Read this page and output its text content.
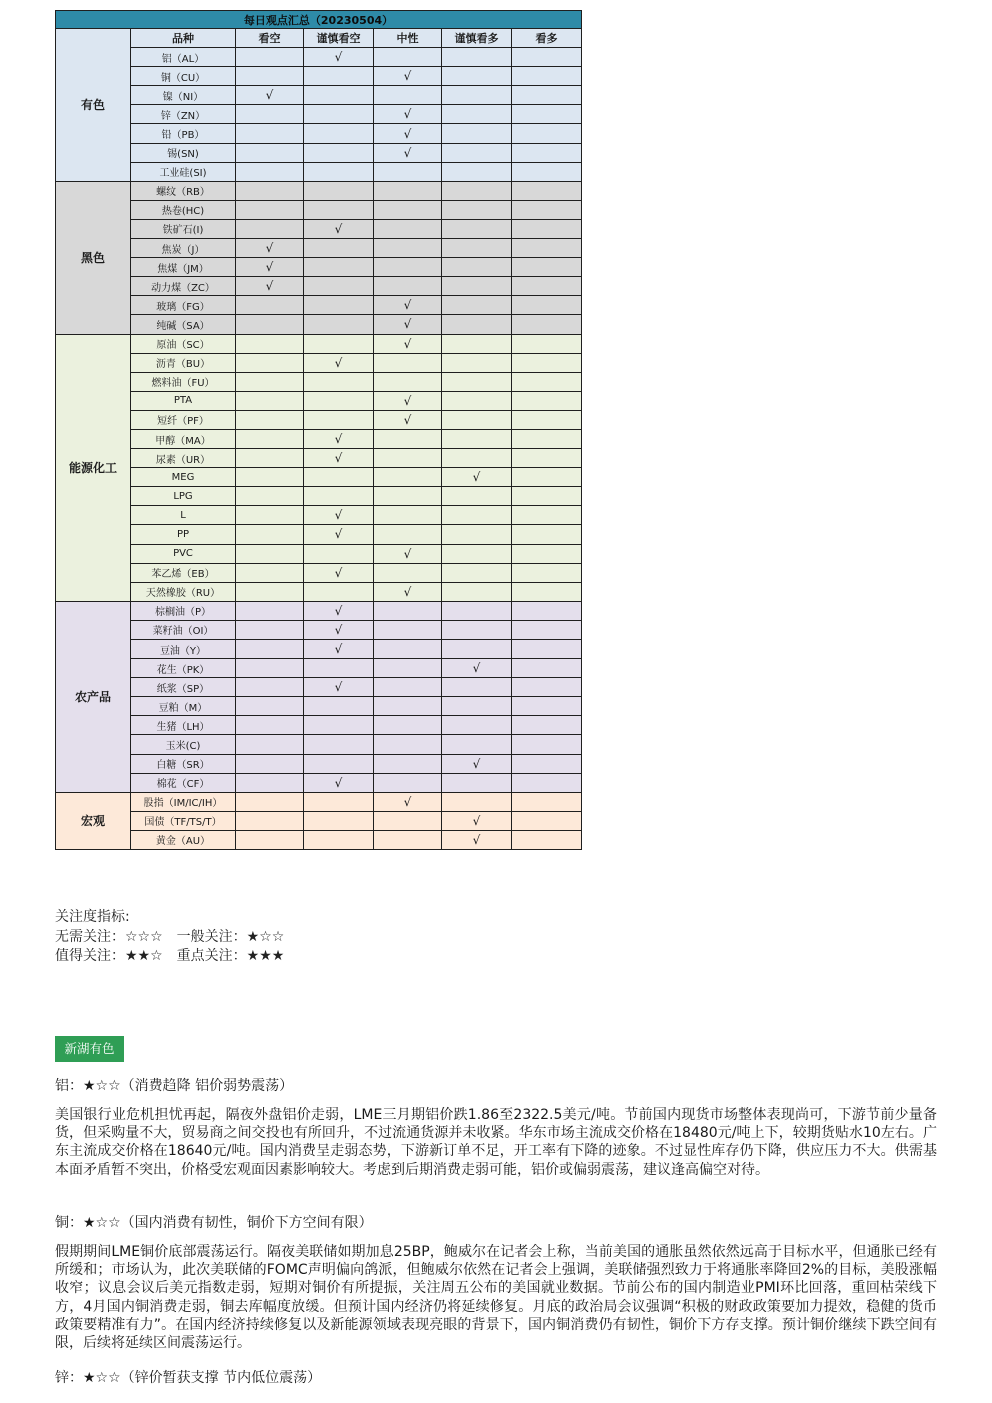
每日观点汇总（20230504）						
有色	品种	看空	谨慎看空	中性	谨慎看多	看多
	铝（AL）		√			
	铜（CU）			√		
	镍（NI）	√				
	锌（ZN）			√		
	铅（PB）			√		
	锡(SN)			√		
	工业硅(SI)					
黑色	螺纹（RB）					
	热卷(HC)					
	铁矿石(I)		√			
	焦炭（J）	√				
	焦煤（JM）	√				
	动力煤（ZC）	√				
	玻璃（FG）			√		
	纯碱（SA）			√		
能源化工	原油（SC）			√		
	沥青（BU）		√			
	燃料油（FU）					
	PTA			√		
	短纤（PF）			√		
	甲醇（MA）		√			
	尿素（UR）		√			
	MEG				√	
	LPG					
	L		√			
	PP		√			
	PVC			√		
	苯乙烯（EB）		√			
	天然橡胶（RU）			√		
农产品	棕榈油（P）		√			
	菜籽油（OI）		√			
	豆油（Y）		√			
	花生（PK）				√	
	纸浆（SP）		√			
	豆粕（M）					
	生猪（LH）					
	玉米(C)					
	白糖（SR）				√	
	棉花（CF）		√			
宏观	股指（IM/IC/IH）			√		
	国债（TF/TS/T）				√	
	黄金（AU）				√	
关注度指标:
无需关注：☆☆☆ 一般关注：★☆☆
值得关注：★★☆ 重点关注：★★★
新湖有色
铝：★☆☆（消费趋降 铝价弱势震荡）

美国银行业危机担忧再起，隔夜外盘铝价走弱，LME三月期铝价跌1.86至2322.5美元/吨。节前国内现货市场整体表现尚可，下游节前少量备货，但采购量不大，贸易商之间交投也有所回升，不过流通货源并未收紧。华东市场主流成交价格在18480元/吨上下，较期货贴水10左右。广东主流成交价格在18640元/吨。国内消费呈走弱态势，下游新订单不足，开工率有下降的迹象。不过显性库存仍下降，供应压力不大。供需基本面矛盾暂不突出，价格受宏观面因素影响较大。考虑到后期消费走弱可能，铝价或偏弱震荡，建议逢高偏空对待。

铜：★☆☆（国内消费有韧性，铜价下方空间有限）

假期期间LME铜价底部震荡运行。隔夜美联储如期加息25BP，鲍威尔在记者会上称，当前美国的通胀虽然依然远高于目标水平，但通胀已经有所缓和；市场认为，此次美联储的FOMC声明偏向鸽派，但鲍威尔依然在记者会上强调，美联储强烈致力于将通胀率降回2%的目标，美股涨幅收窄；议息会议后美元指数走弱，短期对铜价有所提振，关注周五公布的美国就业数据。节前公布的国内制造业PMI环比回落，重回枯荣线下方，4月国内铜消费走弱，铜去库幅度放缓。但预计国内经济仍将延续修复。月底的政治局会议强调“积极的财政政策要加力提效，稳健的货币政策要精准有力”。在国内经济持续修复以及新能源领域表现亮眼的背景下，国内铜消费仍有韧性，铜价下方存支撑。预计铜价继续下跌空间有限，后续将延续区间震荡运行。

锌：★☆☆（锌价暂获支撑 节内低位震荡）
